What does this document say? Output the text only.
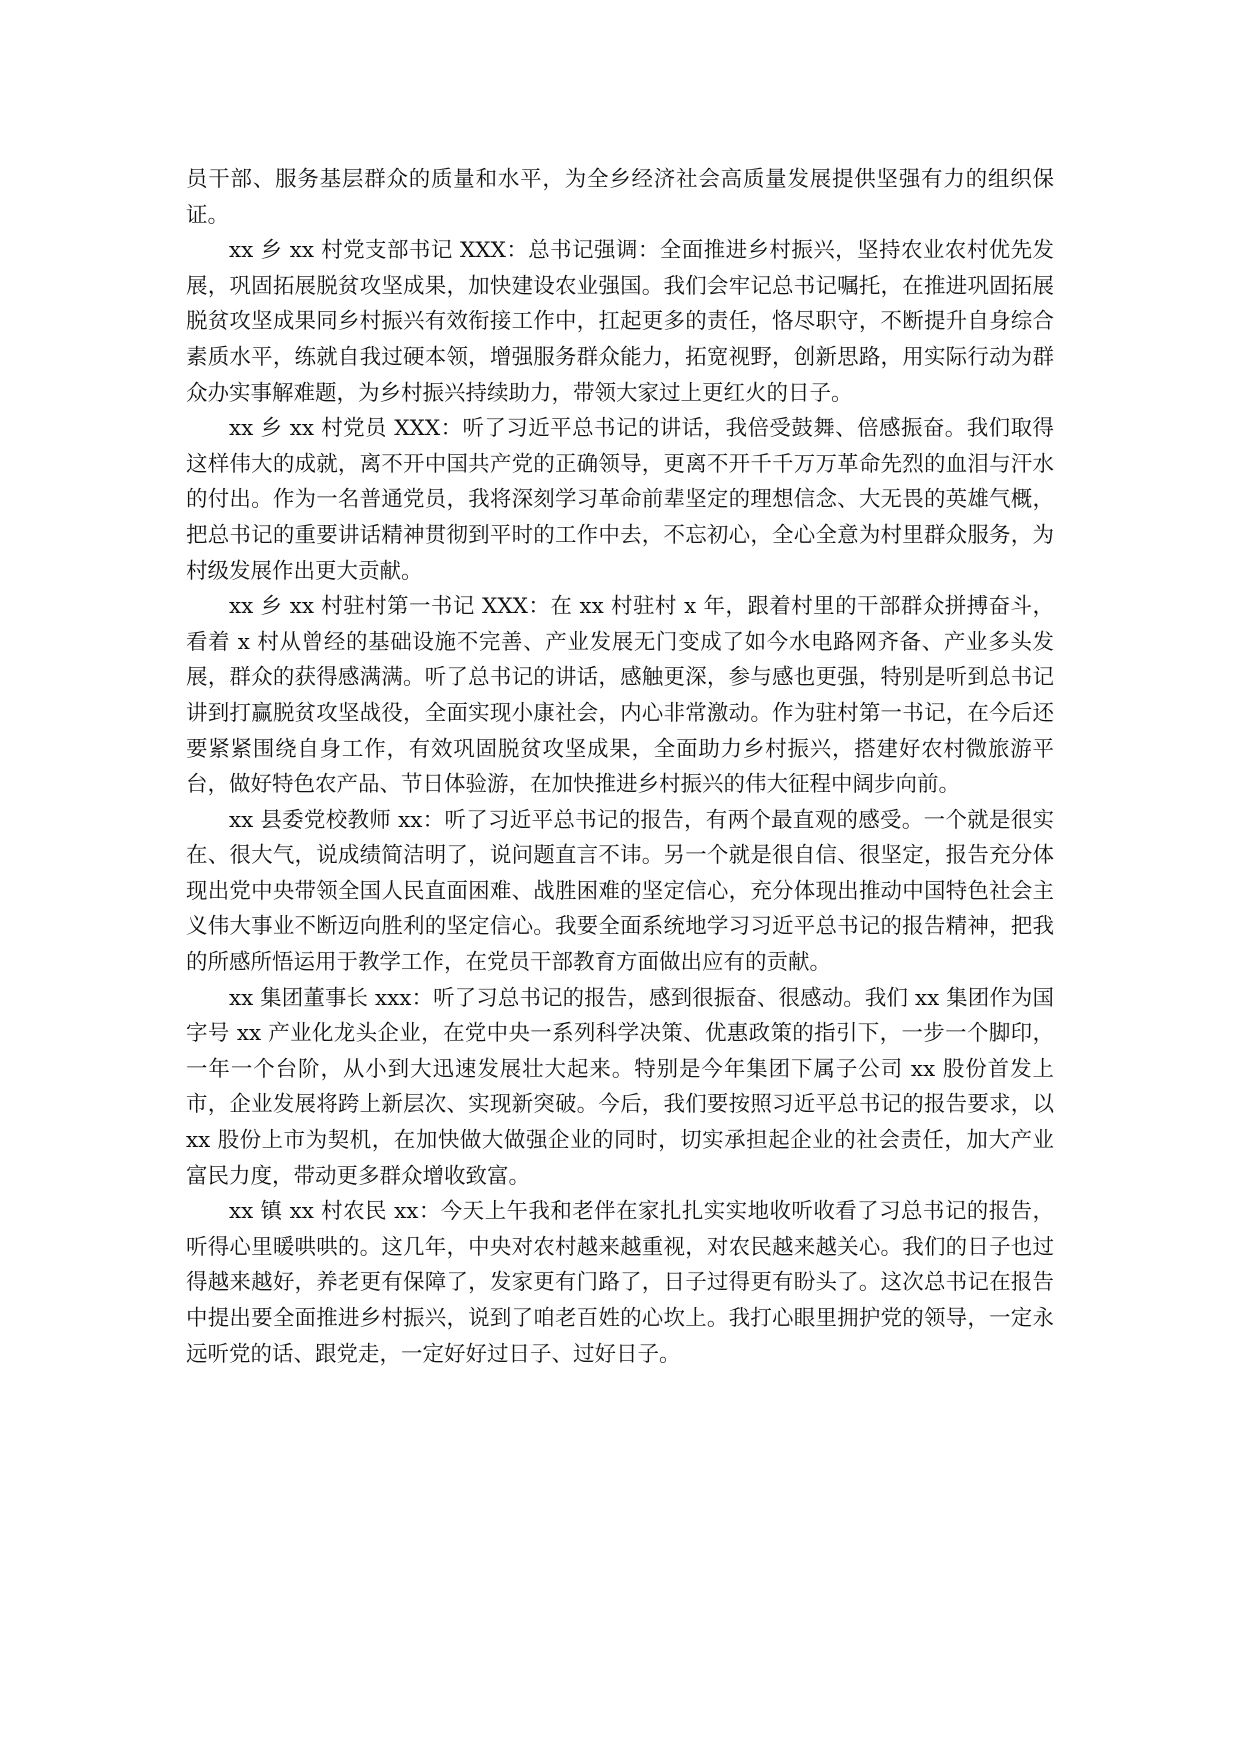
员干部、服务基层群众的质量和水平，为全乡经济社会高质量发展提供坚强有力的组织保证。

xx 乡 xx 村党支部书记 XXX：总书记强调：全面推进乡村振兴，坚持农业农村优先发展，巩固拓展脱贫攻坚成果，加快建设农业强国。我们会牢记总书记嘱托，在推进巩固拓展脱贫攻坚成果同乡村振兴有效衔接工作中，扛起更多的责任，恪尽职守，不断提升自身综合素质水平，练就自我过硬本领，增强服务群众能力，拓宽视野，创新思路，用实际行动为群众办实事解难题，为乡村振兴持续助力，带领大家过上更红火的日子。

xx 乡 xx 村党员 XXX：听了习近平总书记的讲话，我倍受鼓舞、倍感振奋。我们取得这样伟大的成就，离不开中国共产党的正确领导，更离不开千千万万革命先烈的血泪与汗水的付出。作为一名普通党员，我将深刻学习革命前辈坚定的理想信念、大无畏的英雄气概，把总书记的重要讲话精神贯彻到平时的工作中去，不忘初心，全心全意为村里群众服务，为村级发展作出更大贡献。

xx 乡 xx 村驻村第一书记 XXX：在 xx 村驻村 x 年，跟着村里的干部群众拼搏奋斗，看着 x 村从曾经的基础设施不完善、产业发展无门变成了如今水电路网齐备、产业多头发展，群众的获得感满满。听了总书记的讲话，感触更深，参与感也更强，特别是听到总书记讲到打赢脱贫攻坚战役，全面实现小康社会，内心非常激动。作为驻村第一书记，在今后还要紧紧围绕自身工作，有效巩固脱贫攻坚成果，全面助力乡村振兴，搭建好农村微旅游平台，做好特色农产品、节日体验游，在加快推进乡村振兴的伟大征程中阔步向前。

xx 县委党校教师 xx：听了习近平总书记的报告，有两个最直观的感受。一个就是很实在、很大气，说成绩简洁明了，说问题直言不讳。另一个就是很自信、很坚定，报告充分体现出党中央带领全国人民直面困难、战胜困难的坚定信心，充分体现出推动中国特色社会主义伟大事业不断迈向胜利的坚定信心。我要全面系统地学习习近平总书记的报告精神，把我的所感所悟运用于教学工作，在党员干部教育方面做出应有的贡献。

xx 集团董事长 xxx：听了习总书记的报告，感到很振奋、很感动。我们 xx 集团作为国字号 xx 产业化龙头企业，在党中央一系列科学决策、优惠政策的指引下，一步一个脚印，一年一个台阶，从小到大迅速发展壮大起来。特别是今年集团下属子公司 xx 股份首发上市，企业发展将跨上新层次、实现新突破。今后，我们要按照习近平总书记的报告要求，以 xx 股份上市为契机，在加快做大做强企业的同时，切实承担起企业的社会责任，加大产业富民力度，带动更多群众增收致富。

xx 镇 xx 村农民 xx：今天上午我和老伴在家扎扎实实地收听收看了习总书记的报告，听得心里暖哄哄的。这几年，中央对农村越来越重视，对农民越来越关心。我们的日子也过得越来越好，养老更有保障了，发家更有门路了，日子过得更有盼头了。这次总书记在报告中提出要全面推进乡村振兴，说到了咱老百姓的心坎上。我打心眼里拥护党的领导，一定永远听党的话、跟党走，一定好好过日子、过好日子。
